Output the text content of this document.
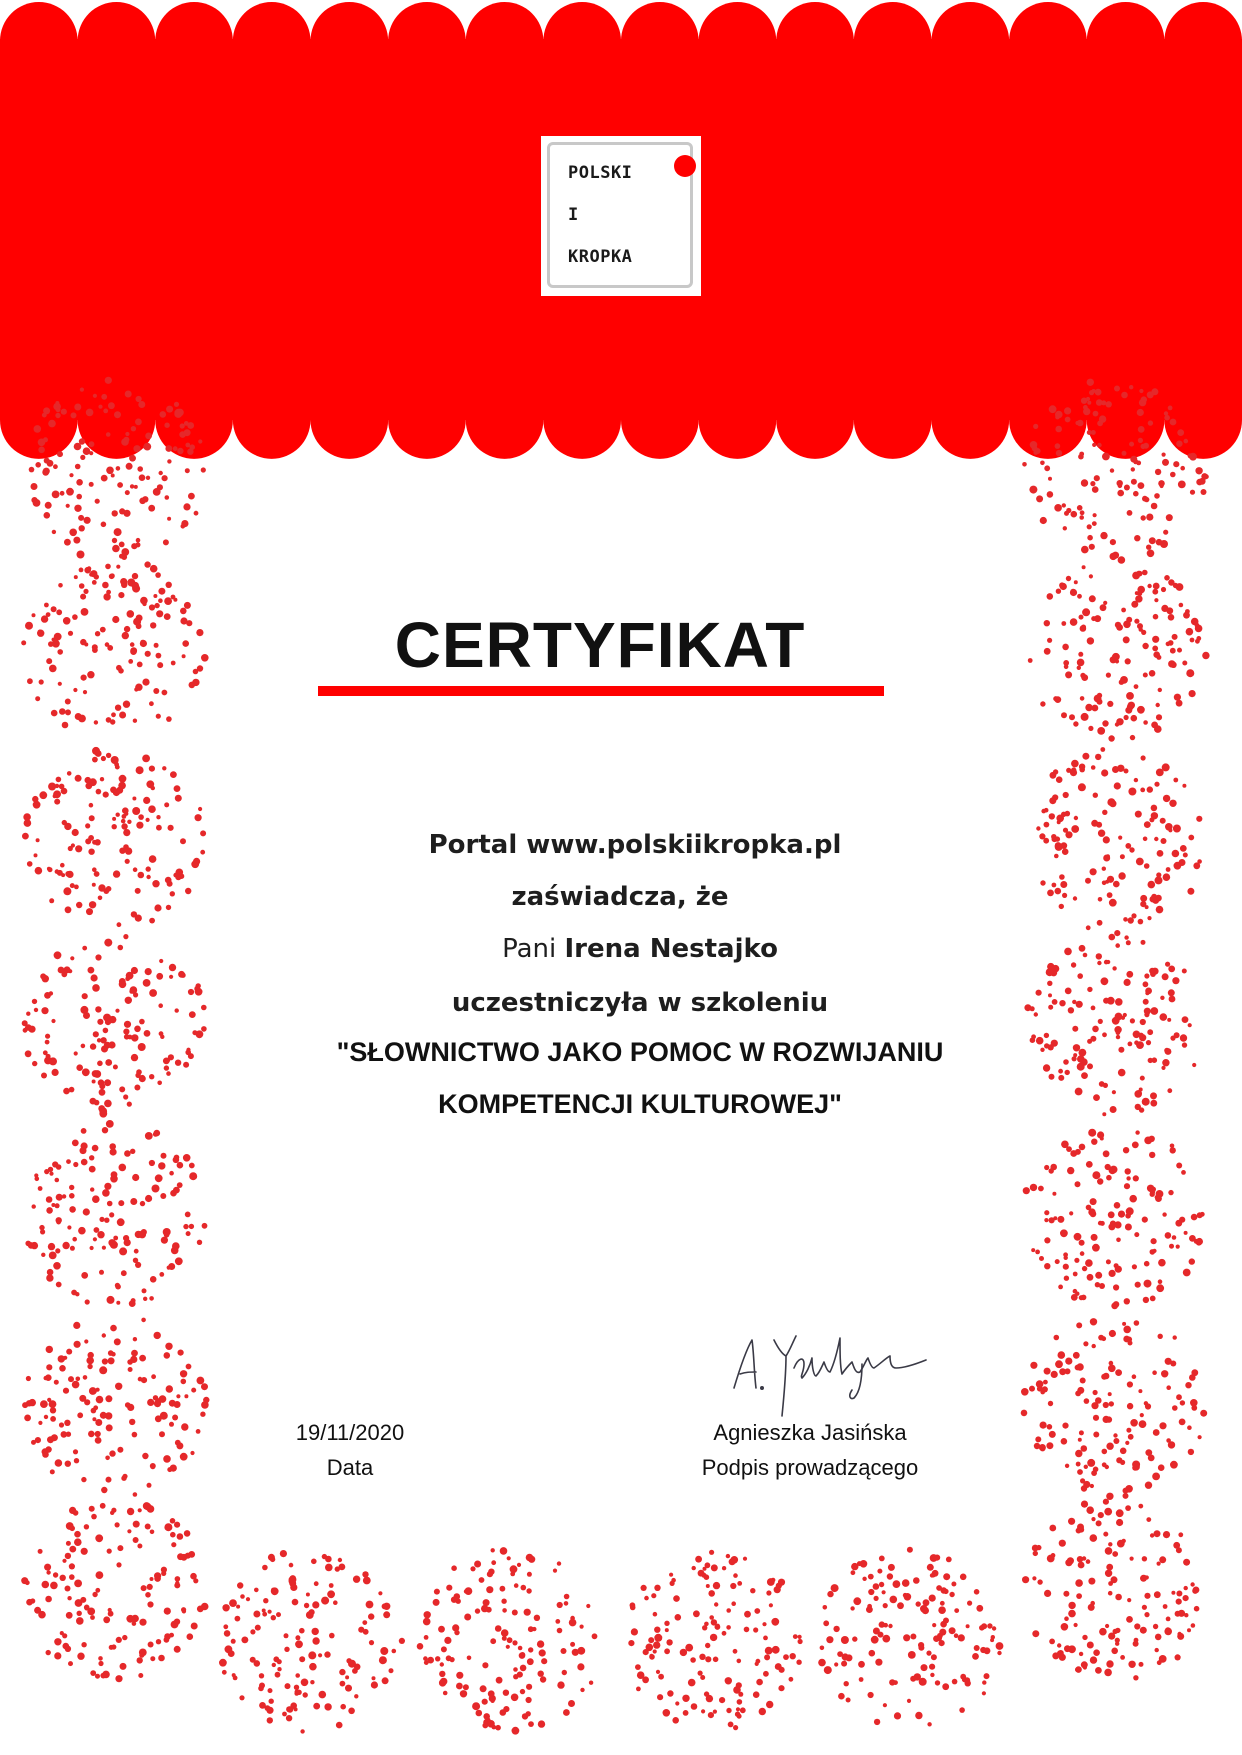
POLSKI
I
KROPKA
CERTYFIKAT
Portal www.polskiikropka.pl
zaświadcza, że
Pani Irena Nestajko
uczestniczyła w szkoleniu
"SŁOWNICTWO JAKO POMOC W ROZWIJANIU
KOMPETENCJI KULTUROWEJ"
19/11/2020
Data
Agnieszka Jasińska
Podpis prowadzącego
